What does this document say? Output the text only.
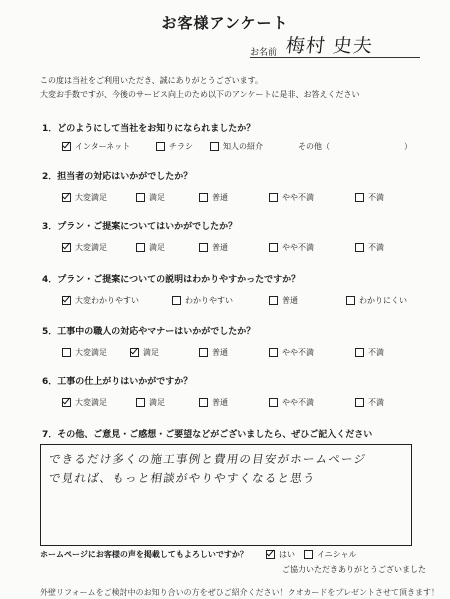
お客様アンケート
お名前 梅村 史夫
この度は当社をご利用いただき、誠にありがとうございます。
大変お手数ですが、今後のサービス向上のため以下のアンケートに是非、お答えください
1．どのようにして当社をお知りになられましたか？
インターネット	チラシ	知人の紹介	その他（	）
2．担当者の対応はいかがでしたか？
大変満足	満足	普通	やや不満	不満
3．プラン・ご提案についてはいかがでしたか？
大変満足	満足	普通	やや不満	不満
4．プラン・ご提案についての説明はわかりやすかったですか？
大変わかりやすい	わかりやすい	普通	わかりにくい
5．工事中の職人の対応やマナーはいかがでしたか？
大変満足	満足	普通	やや不満	不満
6．工事の仕上がりはいかがですか？
大変満足	満足	普通	やや不満	不満
7．その他、ご意見・ご感想・ご要望などがございましたら、ぜひご記入ください
できるだけ多くの施工事例と費用の目安がホームページ
で見れば、もっと相談がやりやすくなると思う
ホームページにお客様の声を掲載してもよろしいですか？	はい	イニシャル
ご協力いただきありがとうございました
外壁リフォームをご検討中のお知り合いの方をぜひご紹介ください！クオカードをプレゼントさせて頂きます！
